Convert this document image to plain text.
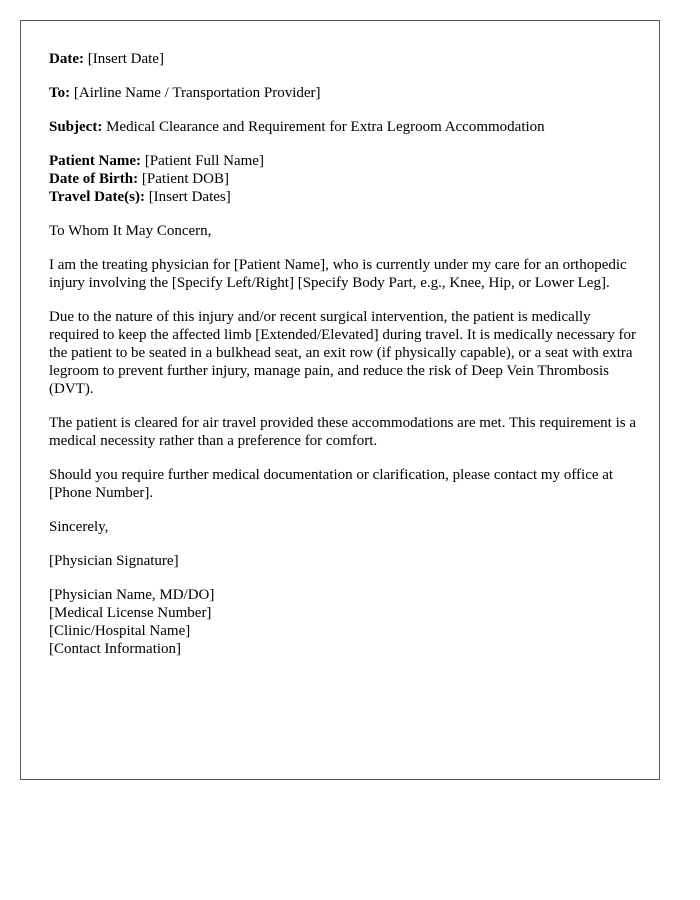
Date: [Insert Date]

To: [Airline Name / Transportation Provider]

Subject: Medical Clearance and Requirement for Extra Legroom Accommodation

Patient Name: [Patient Full Name]
Date of Birth: [Patient DOB]
Travel Date(s): [Insert Dates]

To Whom It May Concern,

I am the treating physician for [Patient Name], who is currently under my care for an orthopedic injury involving the [Specify Left/Right] [Specify Body Part, e.g., Knee, Hip, or Lower Leg].

Due to the nature of this injury and/or recent surgical intervention, the patient is medically required to keep the affected limb [Extended/Elevated] during travel. It is medically necessary for the patient to be seated in a bulkhead seat, an exit row (if physically capable), or a seat with extra legroom to prevent further injury, manage pain, and reduce the risk of Deep Vein Thrombosis (DVT).

The patient is cleared for air travel provided these accommodations are met. This requirement is a medical necessity rather than a preference for comfort.

Should you require further medical documentation or clarification, please contact my office at [Phone Number].

Sincerely,

[Physician Signature]

[Physician Name, MD/DO]
[Medical License Number]
[Clinic/Hospital Name]
[Contact Information]
